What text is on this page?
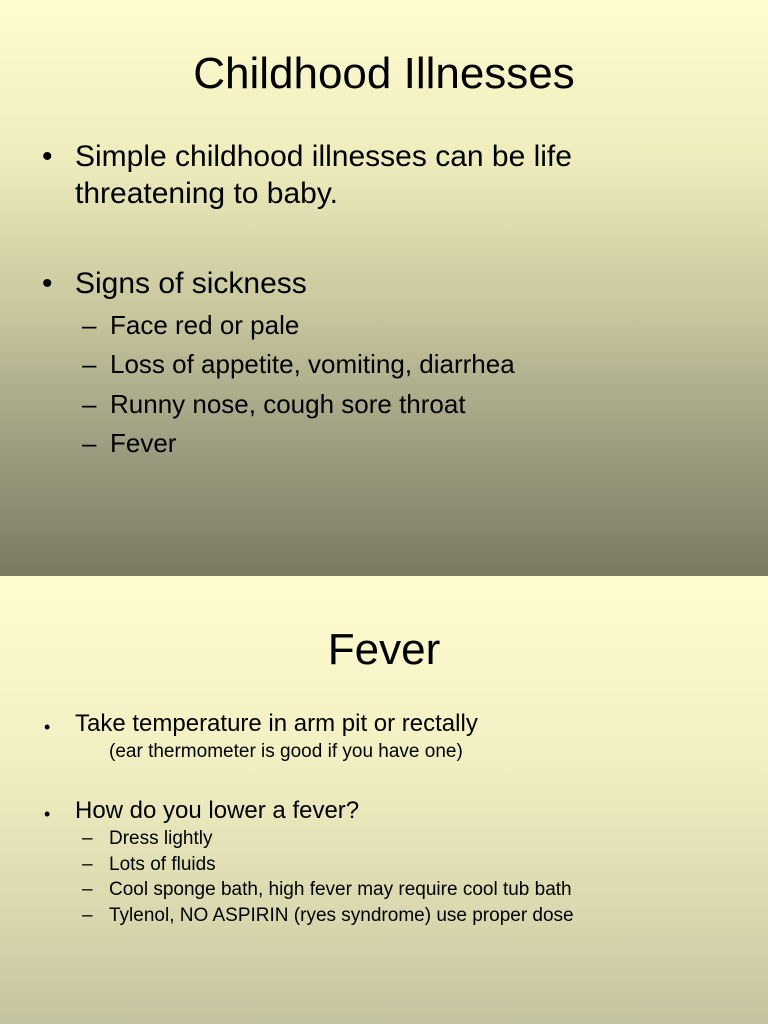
Childhood Illnesses
• Simple childhood illnesses can be life
threatening to baby.
• Signs of sickness
– Face red or pale
– Loss of appetite, vomiting, diarrhea
– Runny nose, cough sore throat
– Fever
Fever
• Take temperature in arm pit or rectally
(ear thermometer is good if you have one)
• How do you lower a fever?
– Dress lightly
– Lots of fluids
– Cool sponge bath, high fever may require cool tub bath
– Tylenol, NO ASPIRIN (ryes syndrome) use proper dose
